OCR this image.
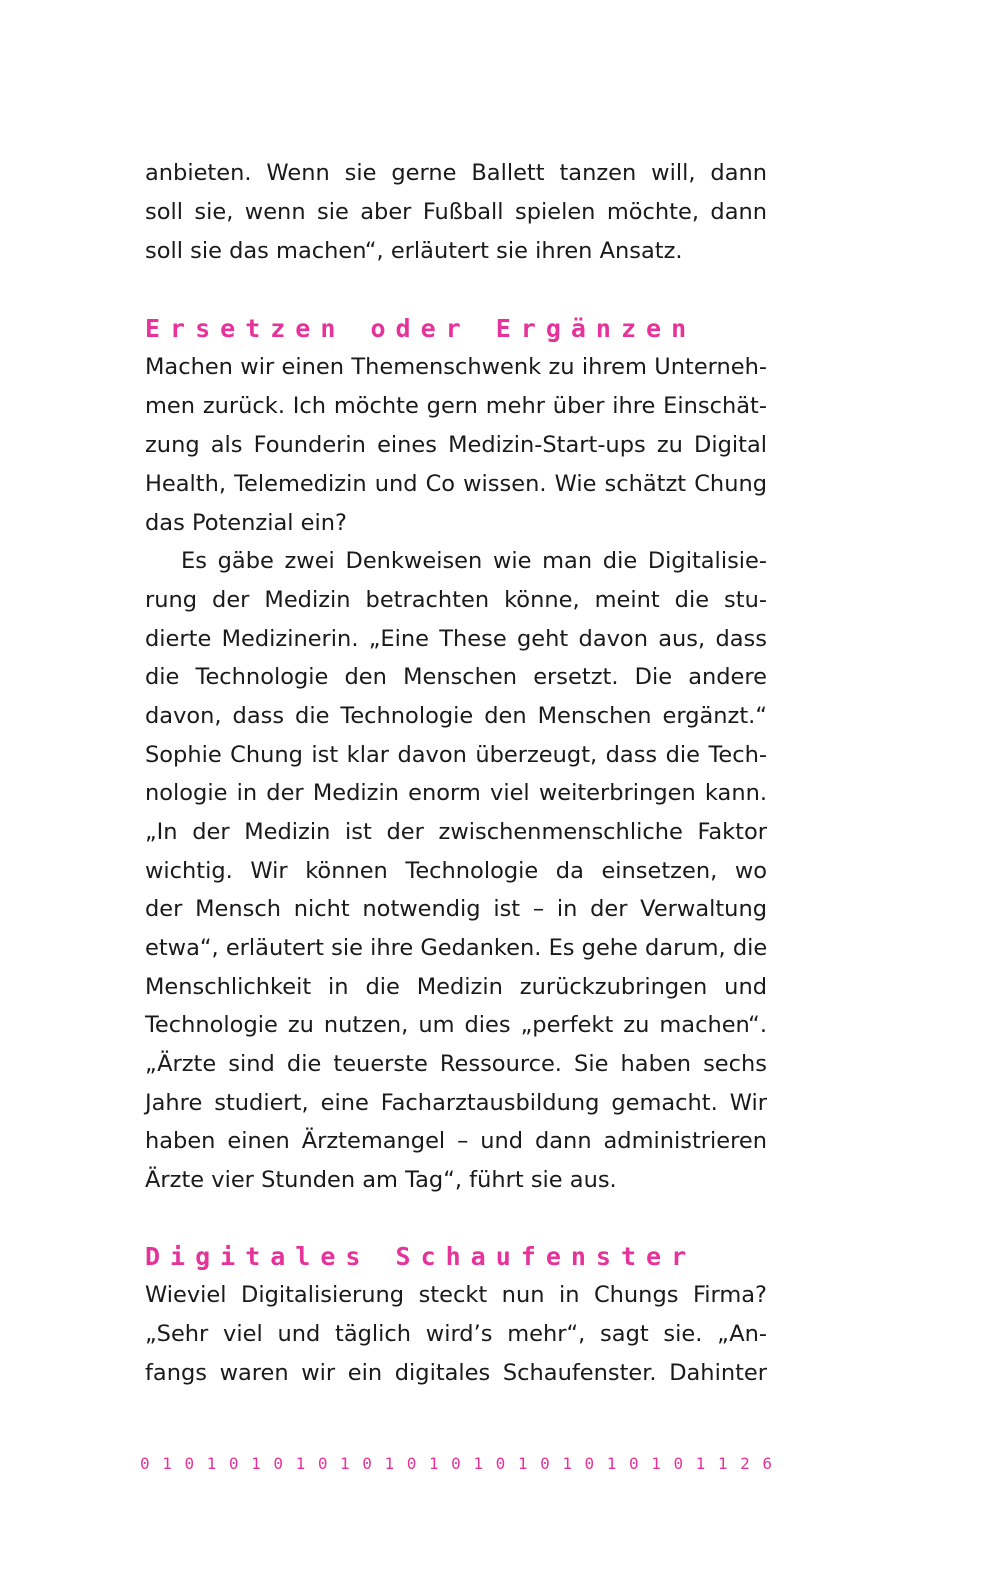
anbieten. Wenn sie gerne Ballett tanzen will, dann
soll sie, wenn sie aber Fußball spielen möchte, dann
soll sie das machen“, erläutert sie ihren Ansatz.
Ersetzen oder Ergänzen
Machen wir einen Themenschwenk zu ihrem Unterneh-
men zurück. Ich möchte gern mehr über ihre Einschät-
zung als Founderin eines Medizin-Start-ups zu Digital
Health, Telemedizin und Co wissen. Wie schätzt Chung
das Potenzial ein?
Es gäbe zwei Denkweisen wie man die Digitalisie-
rung der Medizin betrachten könne, meint die stu-
dierte Medizinerin. „Eine These geht davon aus, dass
die Technologie den Menschen ersetzt. Die andere
davon, dass die Technologie den Menschen ergänzt.“
Sophie Chung ist klar davon überzeugt, dass die Tech-
nologie in der Medizin enorm viel weiterbringen kann.
„In der Medizin ist der zwischenmenschliche Faktor
wichtig. Wir können Technologie da einsetzen, wo
der Mensch nicht notwendig ist – in der Verwaltung
etwa“, erläutert sie ihre Gedanken. Es gehe darum, die
Menschlichkeit in die Medizin zurückzubringen und
Technologie zu nutzen, um dies „perfekt zu machen“.
„Ärzte sind die teuerste Ressource. Sie haben sechs
Jahre studiert, eine Facharztausbildung gemacht. Wir
haben einen Ärztemangel – und dann administrieren
Ärzte vier Stunden am Tag“, führt sie aus.
Digitales Schaufenster
Wieviel Digitalisierung steckt nun in Chungs Firma?
„Sehr viel und täglich wird’s mehr“, sagt sie. „An-
fangs waren wir ein digitales Schaufenster. Dahinter
0 1 0 1 0 1 0 1 0 1 0 1 0 1 0 1 0 1 0 1 0 1 0 1 0 1 1 2 6
